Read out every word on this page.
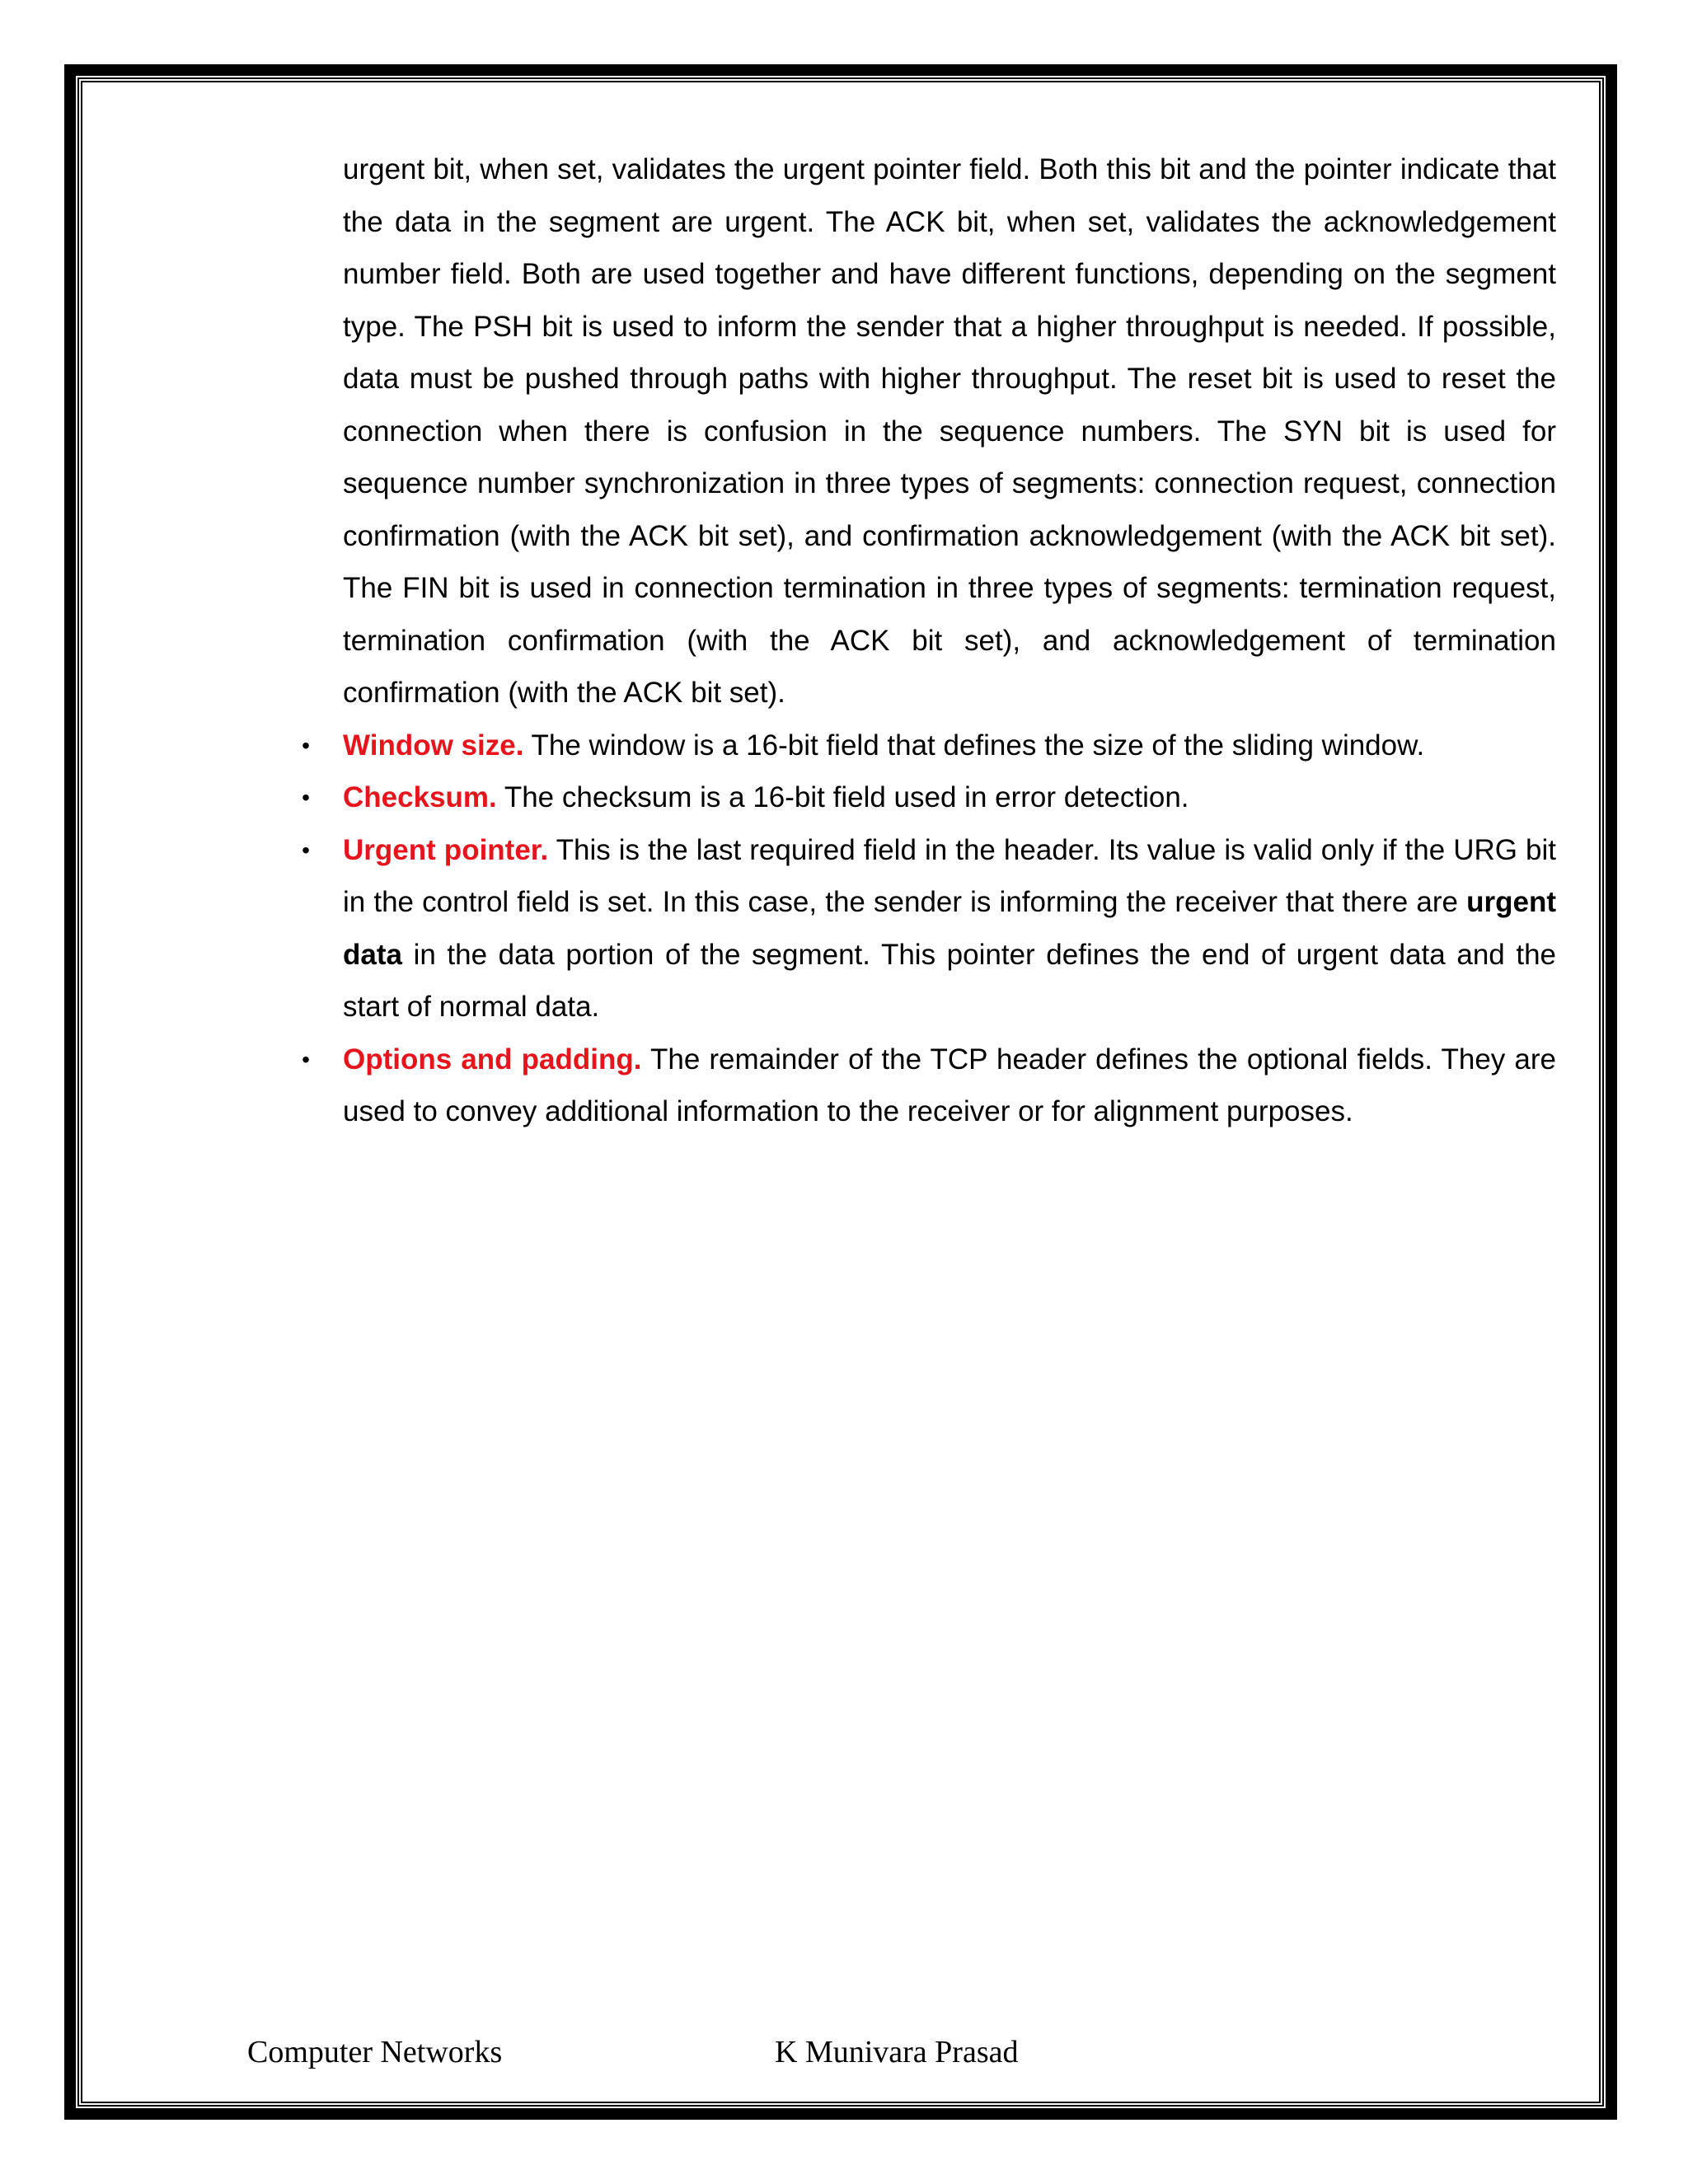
urgent bit, when set, validates the urgent pointer field. Both this bit and the pointer indicate that the data in the segment are urgent. The ACK bit, when set, validates the acknowledgement number field. Both are used together and have different functions, depending on the segment type. The PSH bit is used to inform the sender that a higher throughput is needed. If possible, data must be pushed through paths with higher throughput. The reset bit is used to reset the connection when there is confusion in the sequence numbers. The SYN bit is used for sequence number synchronization in three types of segments: connection request, connection confirmation (with the ACK bit set), and confirmation acknowledgement (with the ACK bit set). The FIN bit is used in connection termination in three types of segments: termination request, termination confirmation (with the ACK bit set), and acknowledgement of termination confirmation (with the ACK bit set).

• Window size. The window is a 16-bit field that defines the size of the sliding window.
• Checksum. The checksum is a 16-bit field used in error detection.
• Urgent pointer. This is the last required field in the header. Its value is valid only if the URG bit in the control field is set. In this case, the sender is informing the receiver that there are urgent data in the data portion of the segment. This pointer defines the end of urgent data and the start of normal data.
• Options and padding. The remainder of the TCP header defines the optional fields. They are used to convey additional information to the receiver or for alignment purposes.
Computer Networks	K Munivara Prasad
